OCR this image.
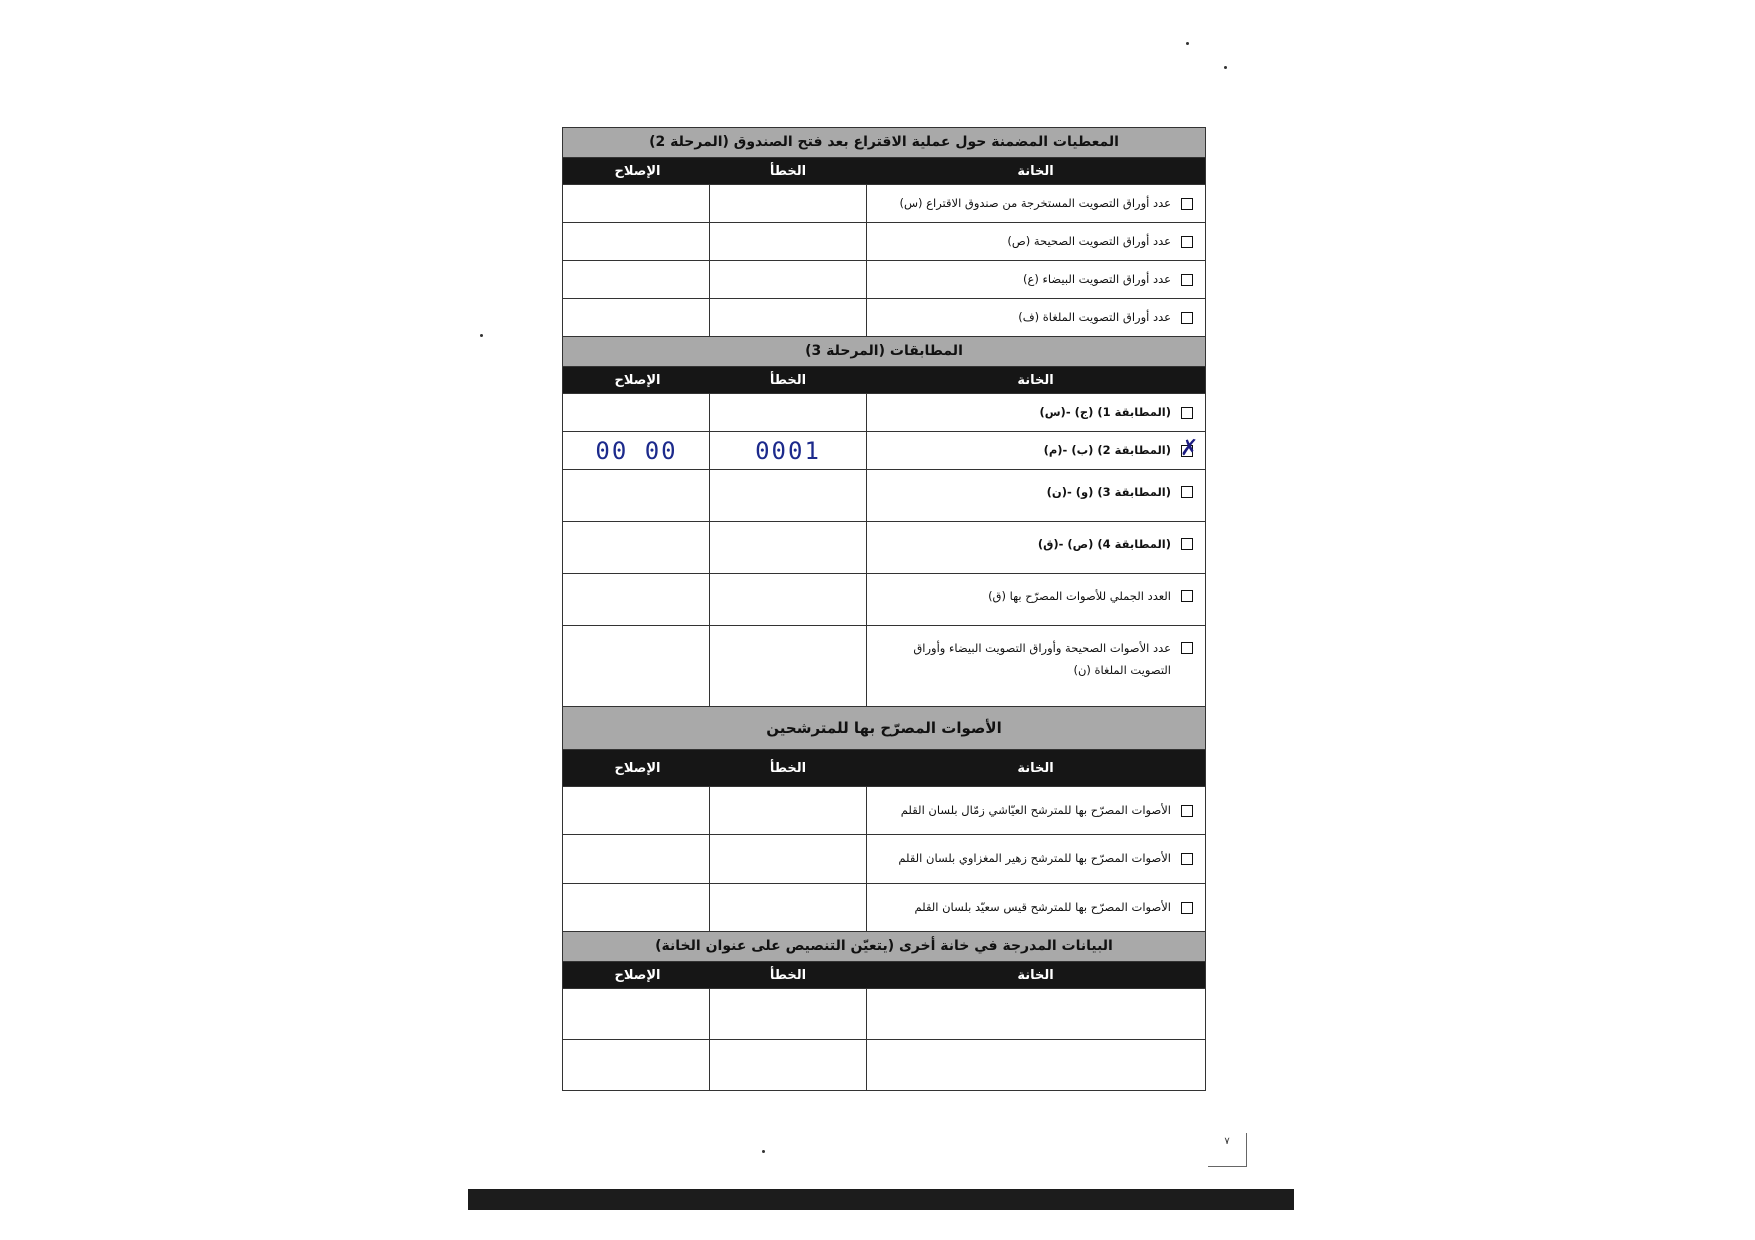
المعطيات المضمنة حول عملية الاقتراع بعد فتح الصندوق (المرحلة 2)
الخانة
الخطأ
الإصلاح
عدد أوراق التصويت المستخرجة من صندوق الاقتراع (س)
عدد أوراق التصويت الصحيحة (ص)
عدد أوراق التصويت البيضاء (ع)
عدد أوراق التصويت الملغاة (ف)
المطابقات (المرحلة 3)
الخانة
الخطأ
الإصلاح
(المطابقة 1) (ج) -(س)
✗
(المطابقة 2) (ب) -(م)
0001
00 00
(المطابقة 3) (و) -(ن)
(المطابقة 4) (ص) -(ق)
العدد الجملي للأصوات المصرّح بها (ق)
عدد الأصوات الصحيحة وأوراق التصويت البيضاء وأوراق التصويت الملغاة (ن)
الأصوات المصرّح بها للمترشحين
الخانة
الخطأ
الإصلاح
الأصوات المصرّح بها للمترشح العيّاشي زمّال بلسان القلم
الأصوات المصرّح بها للمترشح زهير المغزاوي بلسان القلم
الأصوات المصرّح بها للمترشح قيس سعيّد بلسان القلم
البيانات المدرجة في خانة أخرى (يتعيّن التنصيص على عنوان الخانة)
الخانة
الخطأ
الإصلاح
٧
